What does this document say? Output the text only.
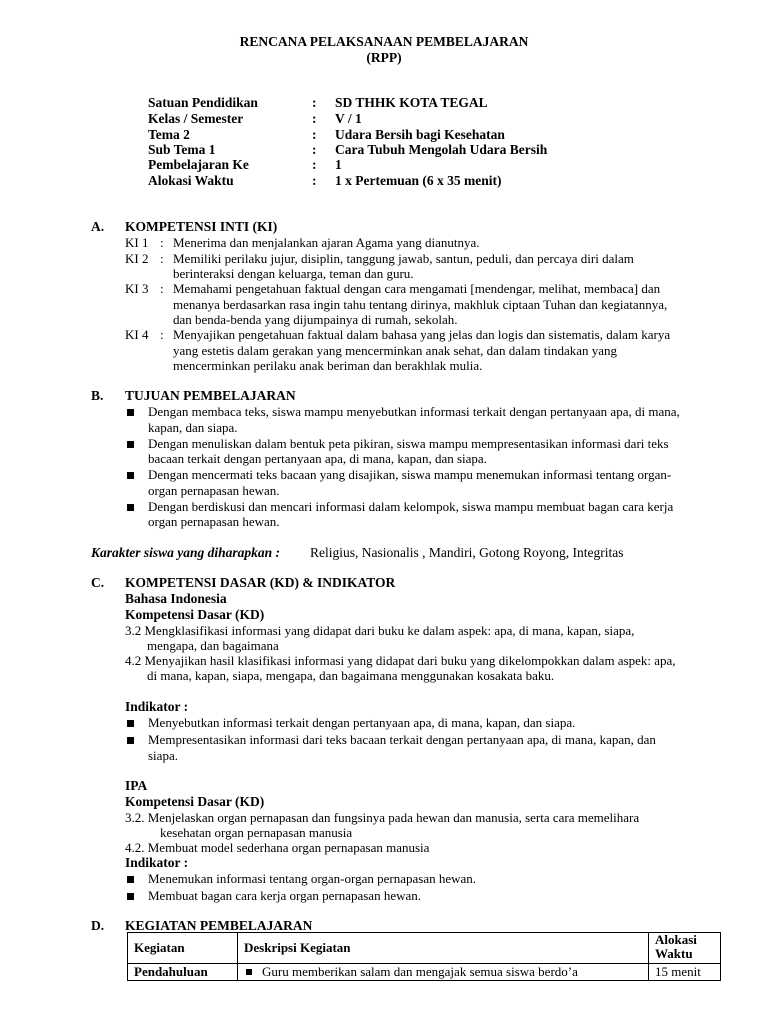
RENCANA PELAKSANAAN PEMBELAJARAN
(RPP)
Satuan Pendidikan	: SD THHK KOTA TEGAL
Kelas / Semester	: V / 1
Tema 2	: Udara Bersih bagi Kesehatan
Sub Tema 1	: Cara Tubuh Mengolah Udara Bersih
Pembelajaran Ke	: 1
Alokasi Waktu	: 1 x Pertemuan (6 x 35 menit)
A. KOMPETENSI INTI (KI)
KI 1 : Menerima dan menjalankan ajaran Agama yang dianutnya.
KI 2 : Memiliki perilaku jujur, disiplin, tanggung jawab, santun, peduli, dan percaya diri dalam
berinteraksi dengan keluarga, teman dan guru.
KI 3 : Memahami pengetahuan faktual dengan cara mengamati [mendengar, melihat, membaca] dan
menanya berdasarkan rasa ingin tahu tentang dirinya, makhluk ciptaan Tuhan dan kegiatannya,
dan benda-benda yang dijumpainya di rumah, sekolah.
KI 4 : Menyajikan pengetahuan faktual dalam bahasa yang jelas dan logis dan sistematis, dalam karya
yang estetis dalam gerakan yang mencerminkan anak sehat, dan dalam tindakan yang
mencerminkan perilaku anak beriman dan berakhlak mulia.
B. TUJUAN PEMBELAJARAN
Dengan membaca teks, siswa mampu menyebutkan informasi terkait dengan pertanyaan apa, di mana,
kapan, dan siapa.
Dengan menuliskan dalam bentuk peta pikiran, siswa mampu mempresentasikan informasi dari teks
bacaan terkait dengan pertanyaan apa, di mana, kapan, dan siapa.
Dengan mencermati teks bacaan yang disajikan, siswa mampu menemukan informasi tentang organ-
organ pernapasan hewan.
Dengan berdiskusi dan mencari informasi dalam kelompok, siswa mampu membuat bagan cara kerja
organ pernapasan hewan.
Karakter siswa yang diharapkan : Religius, Nasionalis , Mandiri, Gotong Royong, Integritas
C. KOMPETENSI DASAR (KD) & INDIKATOR
Bahasa Indonesia
Kompetensi Dasar (KD)
3.2 Mengklasifikasi informasi yang didapat dari buku ke dalam aspek: apa, di mana, kapan, siapa,
mengapa, dan bagaimana
4.2 Menyajikan hasil klasifikasi informasi yang didapat dari buku yang dikelompokkan dalam aspek: apa,
di mana, kapan, siapa, mengapa, dan bagaimana menggunakan kosakata baku.
Indikator :
Menyebutkan informasi terkait dengan pertanyaan apa, di mana, kapan, dan siapa.
Mempresentasikan informasi dari teks bacaan terkait dengan pertanyaan apa, di mana, kapan, dan
siapa.
IPA
Kompetensi Dasar (KD)
3.2. Menjelaskan organ pernapasan dan fungsinya pada hewan dan manusia, serta cara memelihara
kesehatan organ pernapasan manusia
4.2. Membuat model sederhana organ pernapasan manusia
Indikator :
Menemukan informasi tentang organ-organ pernapasan hewan.
Membuat bagan cara kerja organ pernapasan hewan.
D. KEGIATAN PEMBELAJARAN
Kegiatan	Deskripsi Kegiatan	Alokasi Waktu
Pendahuluan	Guru memberikan salam dan mengajak semua siswa berdo’a	15 menit
